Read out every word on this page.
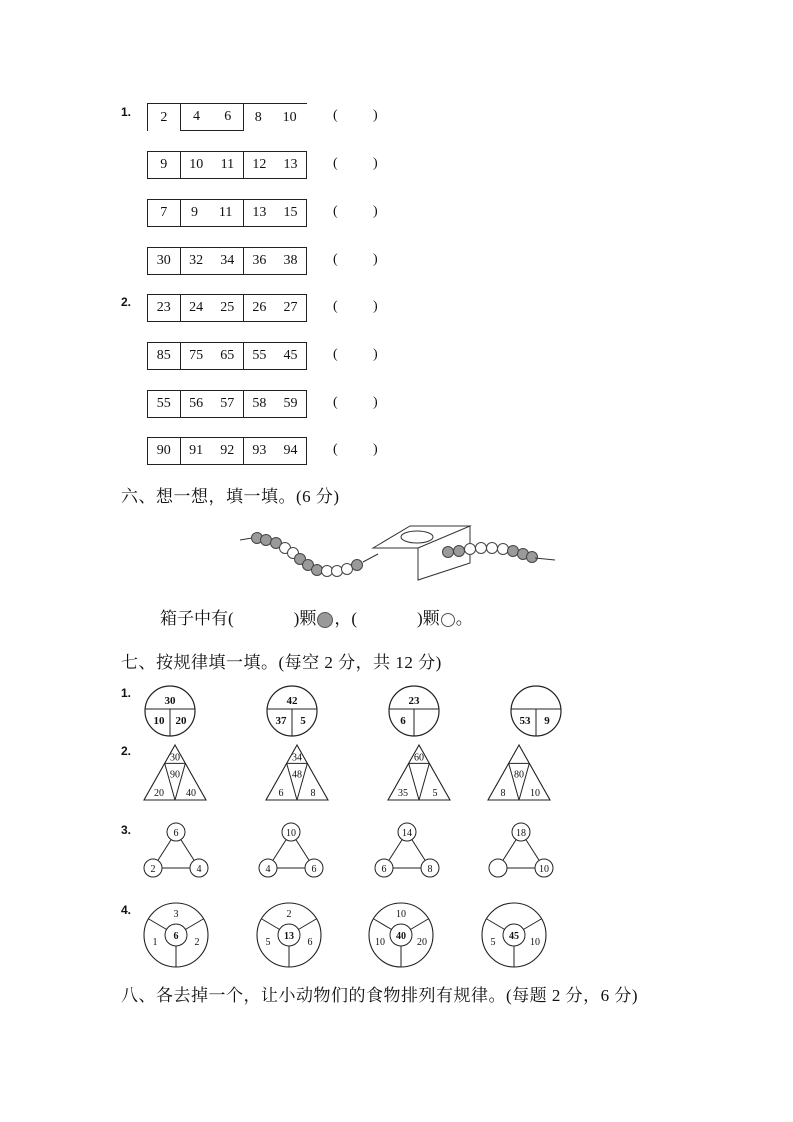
1.
2.
2 4 6 8 10	(	)
9 10 11 12 13	(	)
7 9 11 13 15	(	)
30 32 34 36 38	(	)
23 24 25 26 27	(	)
85 75 65 55 45	(	)
55 56 57 58 59	(	)
90 91 92 93 94	(	)
六、想一想，填一填。(6 分)
箱子中有(	)颗 ，(	)颗 。
七、按规律填一填。(每空 2 分，共 12 分)
1.
2.
3.
4.
30
10 20
42
37 5
23
6	53 9
30
90
20 40
34
48
6	8
60
35 5
80
8 10
6
2	4
10
4	6
14
6	8
18
10
3
6
1	2
2
13
5	6
10
40
10	20
45
5	10
八、各去掉一个，让小动物们的食物排列有规律。(每题 2 分，6 分)
